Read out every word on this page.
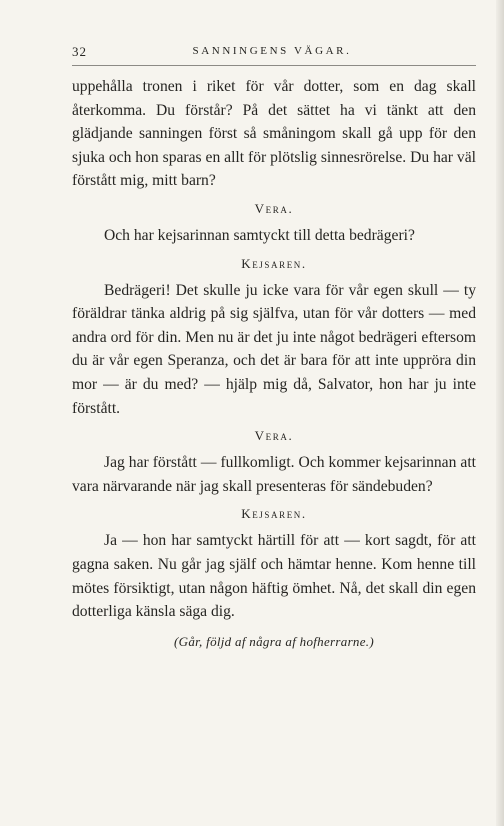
32	SANNINGENS VÄGAR.

uppehålla tronen i riket för vår dotter, som en dag skall återkomma. Du förstår? På det sättet ha vi tänkt att den glädjande sanningen först så småningom skall gå upp för den sjuka och hon sparas en allt för plötslig sinnesrörelse. Du har väl förstått mig, mitt barn?

Vera.

Och har kejsarinnan samtyckt till detta bedrägeri?

Kejsaren.

Bedrägeri! Det skulle ju icke vara för vår egen skull — ty föräldrar tänka aldrig på sig själfva, utan för vår dotters — med andra ord för din. Men nu är det ju inte något bedrägeri eftersom du är vår egen Speranza, och det är bara för att inte uppröra din mor — är du med? — hjälp mig då, Salvator, hon har ju inte förstått.

Vera.

Jag har förstått — fullkomligt. Och kommer kejsarinnan att vara närvarande när jag skall presenteras för sändebuden?

Kejsaren.

Ja — hon har samtyckt härtill för att — kort sagdt, för att gagna saken. Nu går jag själf och hämtar henne. Kom henne till mötes försiktigt, utan någon häftig ömhet. Nå, det skall din egen dotterliga känsla säga dig.

(Går, följd af några af hofherrarne.)
